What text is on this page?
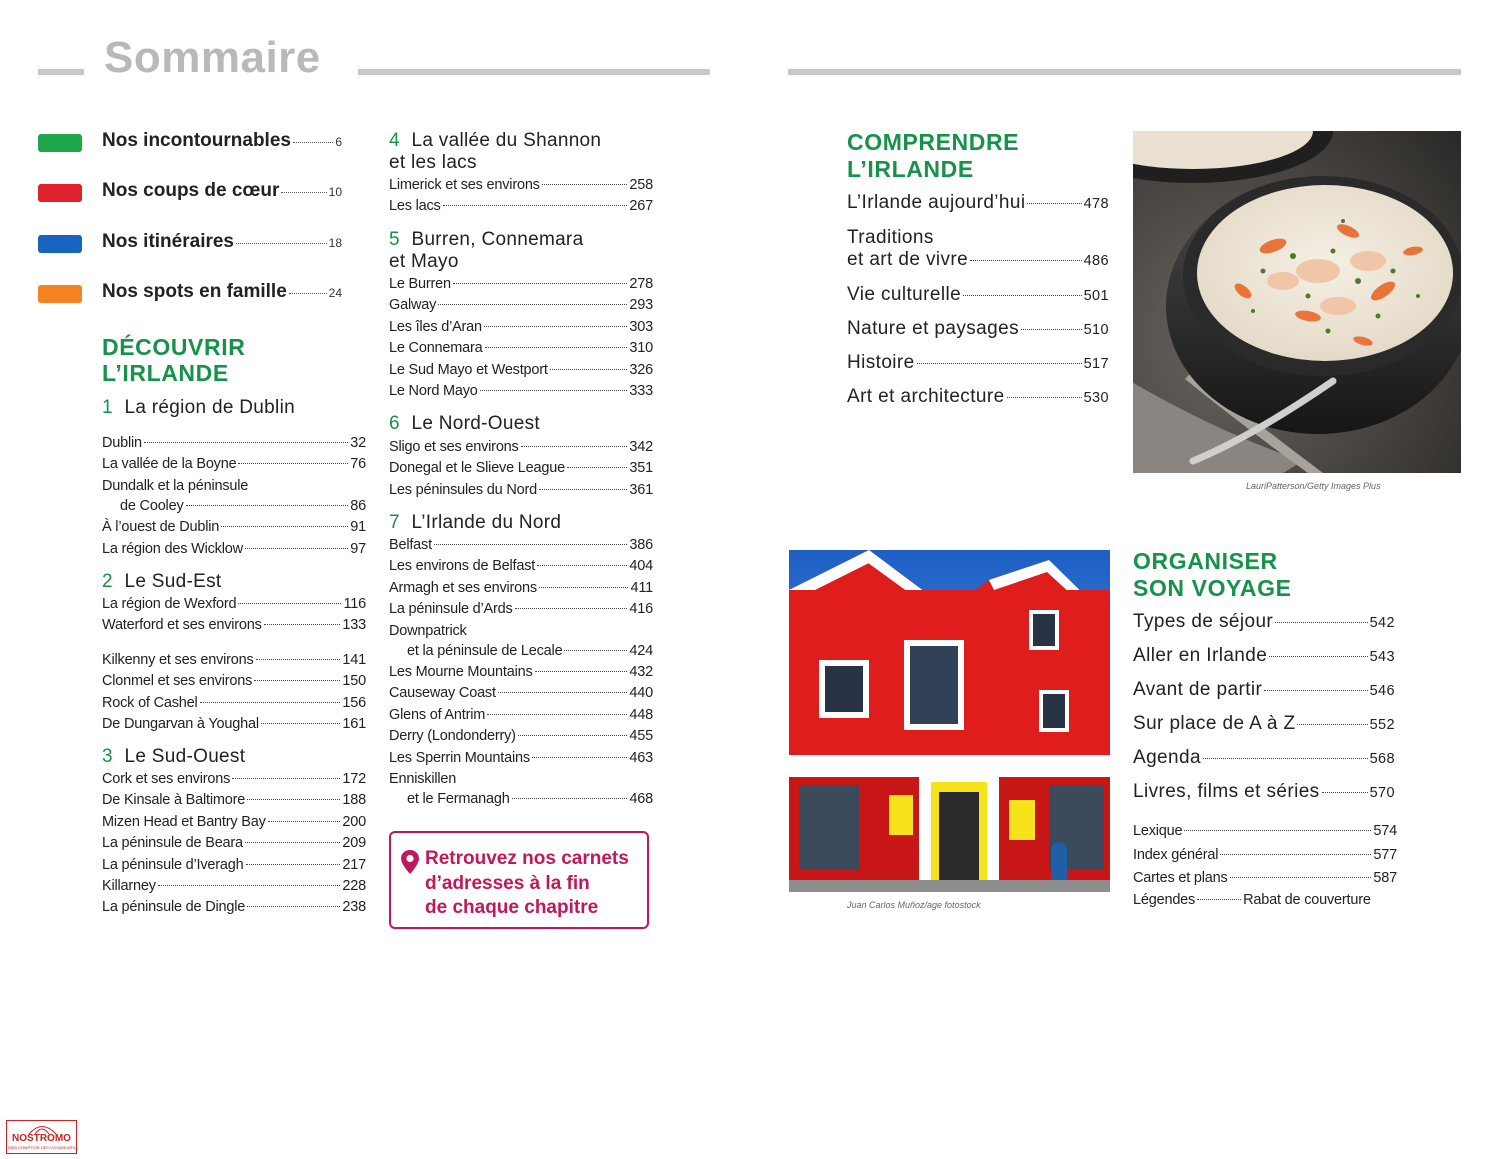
Sommaire
Nos incontournables	6
Nos coups de cœur	10
Nos itinéraires	18
Nos spots en famille	24
DÉCOUVRIR
L’IRLANDE
1 La région de Dublin
Dublin	32
La vallée de la Boyne	76
Dundalk et la péninsule
de Cooley	86
À l’ouest de Dublin	91
La région des Wicklow	97
2 Le Sud-Est
La région de Wexford	116
Waterford et ses environs	133
Kilkenny et ses environs	141
Clonmel et ses environs	150
Rock of Cashel	156
De Dungarvan à Youghal	161
3 Le Sud-Ouest
Cork et ses environs	172
De Kinsale à Baltimore	188
Mizen Head et Bantry Bay	200
La péninsule de Beara	209
La péninsule d’Iveragh	217
Killarney	228
La péninsule de Dingle	238
4 La vallée du Shannon
et les lacs
Limerick et ses environs	258
Les lacs	267
5 Burren, Connemara
et Mayo
Le Burren	278
Galway	293
Les îles d’Aran	303
Le Connemara	310
Le Sud Mayo et Westport	326
Le Nord Mayo	333
6 Le Nord-Ouest
Sligo et ses environs	342
Donegal et le Slieve League	351
Les péninsules du Nord	361
7 L’Irlande du Nord
Belfast	386
Les environs de Belfast	404
Armagh et ses environs	411
La péninsule d’Ards	416
Downpatrick
et la péninsule de Lecale	424
Les Mourne Mountains	432
Causeway Coast	440
Glens of Antrim	448
Derry (Londonderry)	455
Les Sperrin Mountains	463
Enniskillen
et le Fermanagh	468
Retrouvez nos carnets
d’adresses à la fin
de chaque chapitre
COMPRENDRE
L’IRLANDE
L’Irlande aujourd’hui	478
Traditions
et art de vivre	486
Vie culturelle	501
Nature et paysages	510
Histoire	517
Art et architecture	530
LauriPatterson/Getty Images Plus
Juan Carlos Muñoz/age fotostock
ORGANISER
SON VOYAGE
Types de séjour	542
Aller en Irlande	543
Avant de partir	546
Sur place de A à Z	552
Agenda	568
Livres, films et séries	570
Lexique	574
Index général	577
Cartes et plans	587
Légendes	Rabat de couverture
NOSTROMO
WEB COMPTOIR DES VOYAGEURS
